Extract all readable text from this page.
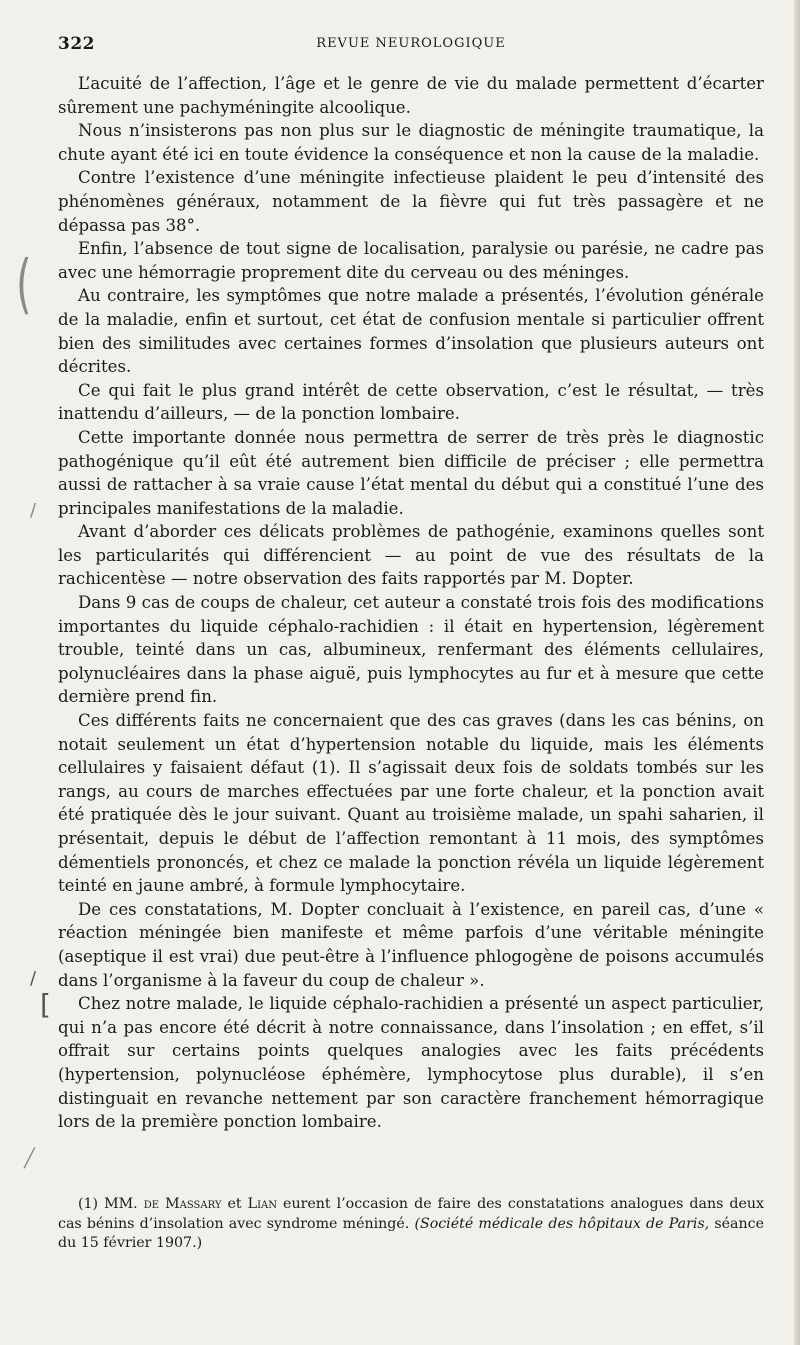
322	REVUE NEUROLOGIQUE

L’acuité de l’affection, l’âge et le genre de vie du malade permettent d’écarter sûrement une pachyméningite alcoolique.

Nous n’insisterons pas non plus sur le diagnostic de méningite traumatique, la chute ayant été ici en toute évidence la conséquence et non la cause de la maladie.

Contre l’existence d’une méningite infectieuse plaident le peu d’intensité des phénomènes généraux, notamment de la fièvre qui fut très passagère et ne dépassa pas 38°.

Enfin, l’absence de tout signe de localisation, paralysie ou parésie, ne cadre pas avec une hémorragie proprement dite du cerveau ou des méninges.

Au contraire, les symptômes que notre malade a présentés, l’évolution générale de la maladie, enfin et surtout, cet état de confusion mentale si particulier offrent bien des similitudes avec certaines formes d’insolation que plusieurs auteurs ont décrites.

Ce qui fait le plus grand intérêt de cette observation, c’est le résultat, — très inattendu d’ailleurs, — de la ponction lombaire.

Cette importante donnée nous permettra de serrer de très près le diagnostic pathogénique qu’il eût été autrement bien difficile de préciser ; elle permettra aussi de rattacher à sa vraie cause l’état mental du début qui a constitué l’une des principales manifestations de la maladie.

Avant d’aborder ces délicats problèmes de pathogénie, examinons quelles sont les particularités qui différencient — au point de vue des résultats de la rachicentèse — notre observation des faits rapportés par M. Dopter.

Dans 9 cas de coups de chaleur, cet auteur a constaté trois fois des modifications importantes du liquide céphalo-rachidien : il était en hypertension, légèrement trouble, teinté dans un cas, albumineux, renfermant des éléments cellulaires, polynucléaires dans la phase aiguë, puis lymphocytes au fur et à mesure que cette dernière prend fin.

Ces différents faits ne concernaient que des cas graves (dans les cas bénins, on notait seulement un état d’hypertension notable du liquide, mais les éléments cellulaires y faisaient défaut (1). Il s’agissait deux fois de soldats tombés sur les rangs, au cours de marches effectuées par une forte chaleur, et la ponction avait été pratiquée dès le jour suivant. Quant au troisième malade, un spahi saharien, il présentait, depuis le début de l’affection remontant à 11 mois, des symptômes démentiels prononcés, et chez ce malade la ponction révéla un liquide légèrement teinté en jaune ambré, à formule lymphocytaire.

De ces constatations, M. Dopter concluait à l’existence, en pareil cas, d’une « réaction méningée bien manifeste et même parfois d’une véritable méningite (aseptique il est vrai) due peut-être à l’influence phlogogène de poisons accumulés dans l’organisme à la faveur du coup de chaleur ».

Chez notre malade, le liquide céphalo-rachidien a présenté un aspect particulier, qui n’a pas encore été décrit à notre connaissance, dans l’insolation ; en effet, s’il offrait sur certains points quelques analogies avec les faits précédents (hypertension, polynucléose éphémère, lymphocytose plus durable), il s’en distinguait en revanche nettement par son caractère franchement hémorragique lors de la première ponction lombaire.

(1) MM. de Massary et Lian eurent l’occasion de faire des constatations analogues dans deux cas bénins d’insolation avec syndrome méningé. (Société médicale des hôpitaux de Paris, séance du 15 février 1907.)

(
/
/
[
╱
